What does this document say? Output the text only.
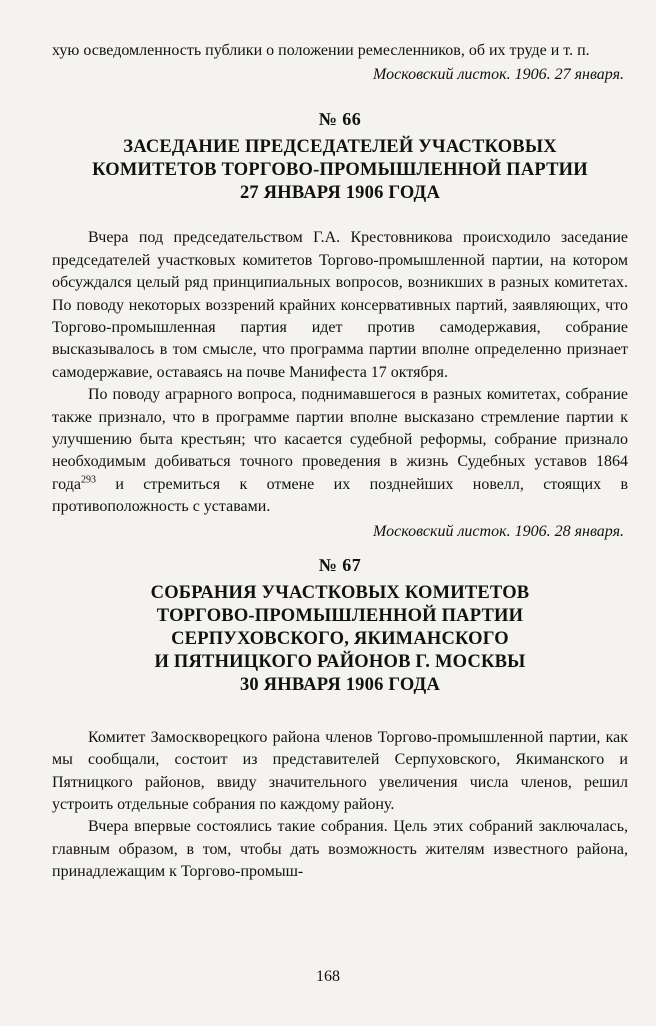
хую осведомленность публики о положении ремесленников, об их труде и т. п.

Московский листок. 1906. 27 января.
№ 66
ЗАСЕДАНИЕ ПРЕДСЕДАТЕЛЕЙ УЧАСТКОВЫХ
КОМИТЕТОВ ТОРГОВО-ПРОМЫШЛЕННОЙ ПАРТИИ
27 ЯНВАРЯ 1906 ГОДА

Вчера под председательством Г.А. Крестовникова происходило заседание председателей участковых комитетов Торгово-промышленной партии, на котором обсуждался целый ряд принципиальных вопросов, возникших в разных комитетах. По поводу некоторых воззрений крайних консервативных партий, заявляющих, что Торгово-промышленная партия идет против самодержавия, собрание высказывалось в том смысле, что программа партии вполне определенно признает самодержавие, оставаясь на почве Манифеста 17 октября.

По поводу аграрного вопроса, поднимавшегося в разных комитетах, собрание также признало, что в программе партии вполне высказано стремление партии к улучшению быта крестьян; что касается судебной реформы, собрание признало необходимым добиваться точного проведения в жизнь Судебных уставов 1864 года$^{293}$ и стремиться к отмене их позднейших новелл, стоящих в противоположность с уставами.

Московский листок. 1906. 28 января.
№ 67
СОБРАНИЯ УЧАСТКОВЫХ КОМИТЕТОВ
ТОРГОВО-ПРОМЫШЛЕННОЙ ПАРТИИ
СЕРПУХОВСКОГО, ЯКИМАНСКОГО
И ПЯТНИЦКОГО РАЙОНОВ Г. МОСКВЫ
30 ЯНВАРЯ 1906 ГОДА

Комитет Замоскворецкого района членов Торгово-промышленной партии, как мы сообщали, состоит из представителей Серпуховского, Якиманского и Пятницкого районов, ввиду значительного увеличения числа членов, решил устроить отдельные собрания по каждому району.

Вчера впервые состоялись такие собрания. Цель этих собраний заключалась, главным образом, в том, чтобы дать возможность жителям известного района, принадлежащим к Торгово-промыш-

168
